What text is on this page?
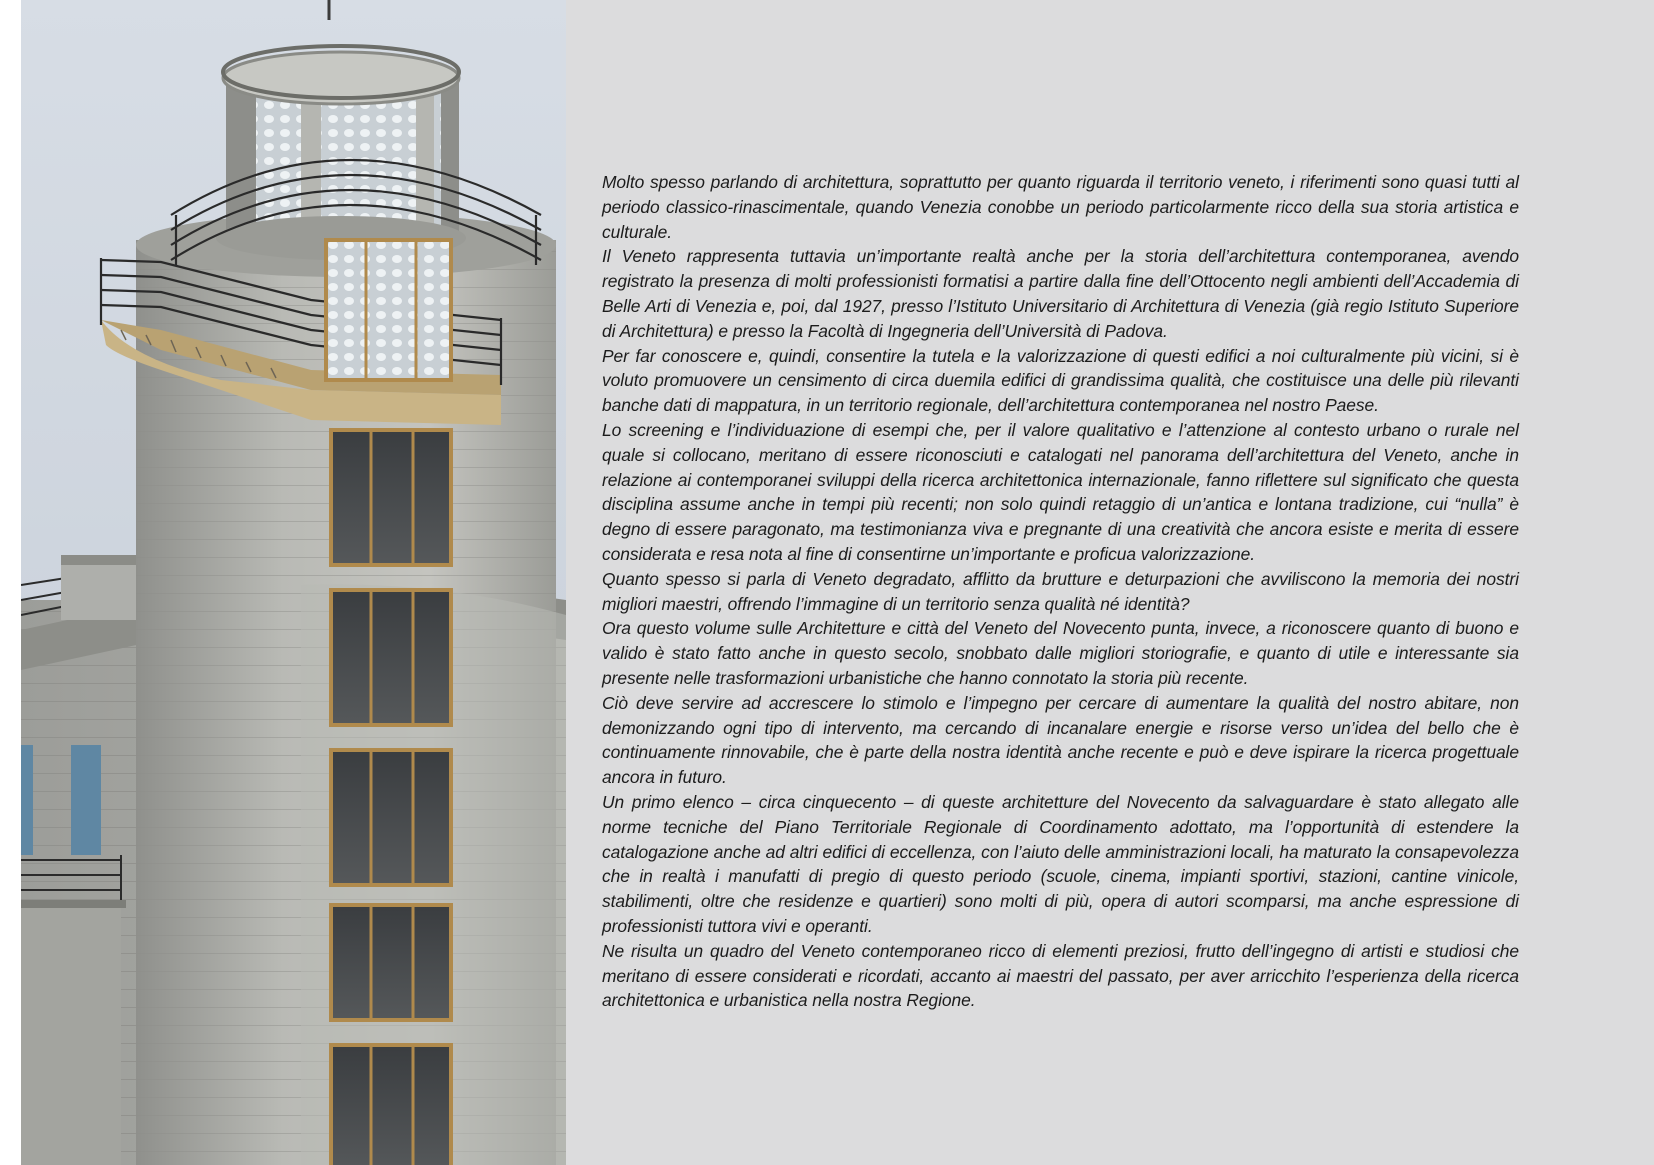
Molto spesso parlando di architettura, soprattutto per quanto riguarda il territorio veneto, i riferimenti sono quasi tutti al periodo classico-rinascimentale, quando Venezia conobbe un periodo particolarmente ricco della sua storia artistica e culturale.

Il Veneto rappresenta tuttavia un’importante realtà anche per la storia dell’architettura contemporanea, avendo registrato la presenza di molti professionisti formatisi a partire dalla fine dell’Ottocento negli ambienti dell’Accademia di Belle Arti di Venezia e, poi, dal 1927, presso l’Istituto Universitario di Architettura di Venezia (già regio Istituto Superiore di Architettura) e presso la Facoltà di Ingegneria dell’Università di Padova.

Per far conoscere e, quindi, consentire la tutela e la valorizzazione di questi edifici a noi culturalmente più vicini, si è voluto promuovere un censimento di circa duemila edifici di grandissima qualità, che costituisce una delle più rilevanti banche dati di mappatura, in un territorio regionale, dell’architettura contemporanea nel nostro Paese.

Lo screening e l’individuazione di esempi che, per il valore qualitativo e l’attenzione al contesto urbano o rurale nel quale si collocano, meritano di essere riconosciuti e catalogati nel panorama dell’architettura del Veneto, anche in relazione ai contemporanei sviluppi della ricerca architettonica internazionale, fanno riflettere sul significato che questa disciplina assume anche in tempi più recenti; non solo quindi retaggio di un’antica e lontana tradizione, cui “nulla” è degno di essere paragonato, ma testimonianza viva e pregnante di una creatività che ancora esiste e merita di essere considerata e resa nota al fine di consentirne un’importante e proficua valorizzazione.

Quanto spesso si parla di Veneto degradato, afflitto da brutture e deturpazioni che avviliscono la memoria dei nostri migliori maestri, offrendo l’immagine di un territorio senza qualità né identità?

Ora questo volume sulle Architetture e città del Veneto del Novecento punta, invece, a riconoscere quanto di buono e valido è stato fatto anche in questo secolo, snobbato dalle migliori storiografie, e quanto di utile e interessante sia presente nelle trasformazioni urbanistiche che hanno connotato la storia più recente.

Ciò deve servire ad accrescere lo stimolo e l’impegno per cercare di aumentare la qualità del nostro abitare, non demonizzando ogni tipo di intervento, ma cercando di incanalare energie e risorse verso un’idea del bello che è continuamente rinnovabile, che è parte della nostra identità anche recente e può e deve ispirare la ricerca progettuale ancora in futuro.

Un primo elenco – circa cinquecento – di queste architetture del Novecento da salvaguardare è stato allegato alle norme tecniche del Piano Territoriale Regionale di Coordinamento adottato, ma l’opportunità di estendere la catalogazione anche ad altri edifici di eccellenza, con l’aiuto delle amministrazioni locali, ha maturato la consapevolezza che in realtà i manufatti di pregio di questo periodo (scuole, cinema, impianti sportivi, stazioni, cantine vinicole, stabilimenti, oltre che residenze e quartieri) sono molti di più, opera di autori scomparsi, ma anche espressione di professionisti tuttora vivi e operanti.

Ne risulta un quadro del Veneto contemporaneo ricco di elementi preziosi, frutto dell’ingegno di artisti e studiosi che meritano di essere considerati e ricordati, accanto ai maestri del passato, per aver arricchito l’esperienza della ricerca architettonica e urbanistica nella nostra Regione.
